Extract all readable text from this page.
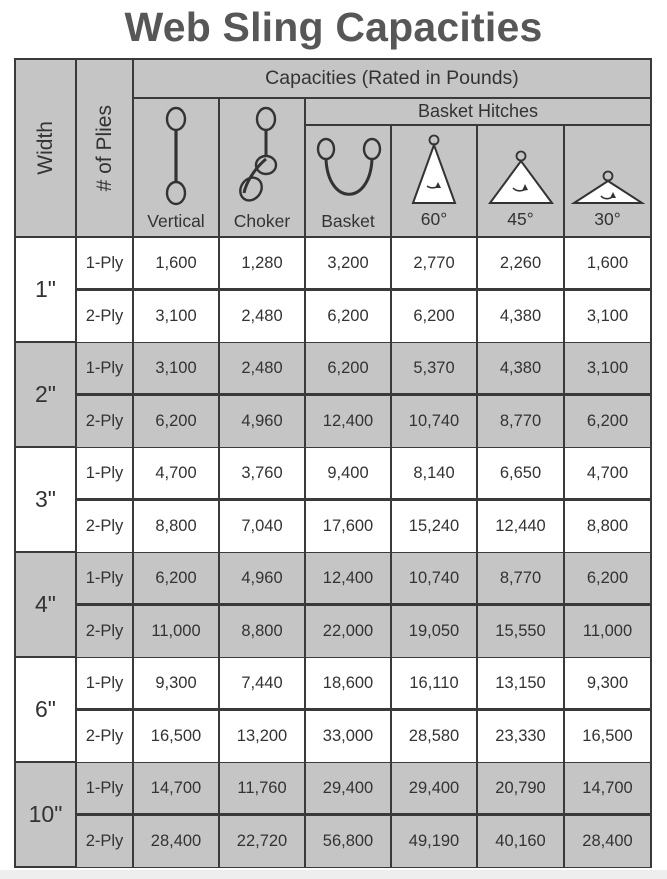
Web Sling Capacities
Width # of Plies
Capacities (Rated in Pounds)
Vertical	Choker
Basket Hitches
Basket	60°	45°	30°
1"
1-Ply	1,600	1,280	3,200	2,770	2,260	1,600
2-Ply	3,100	2,480	6,200	6,200	4,380	3,100
2"
1-Ply	3,100	2,480	6,200	5,370	4,380	3,100
2-Ply	6,200	4,960	12,400	10,740	8,770	6,200
3"
1-Ply	4,700	3,760	9,400	8,140	6,650	4,700
2-Ply	8,800	7,040	17,600	15,240	12,440	8,800
4"
1-Ply	6,200	4,960	12,400	10,740	8,770	6,200
2-Ply	11,000	8,800	22,000	19,050	15,550	11,000
6"
1-Ply	9,300	7,440	18,600	16,110	13,150	9,300
2-Ply	16,500	13,200	33,000	28,580	23,330	16,500
10"
1-Ply	14,700	11,760	29,400	29,400	20,790	14,700
2-Ply	28,400	22,720	56,800	49,190	40,160	28,400
